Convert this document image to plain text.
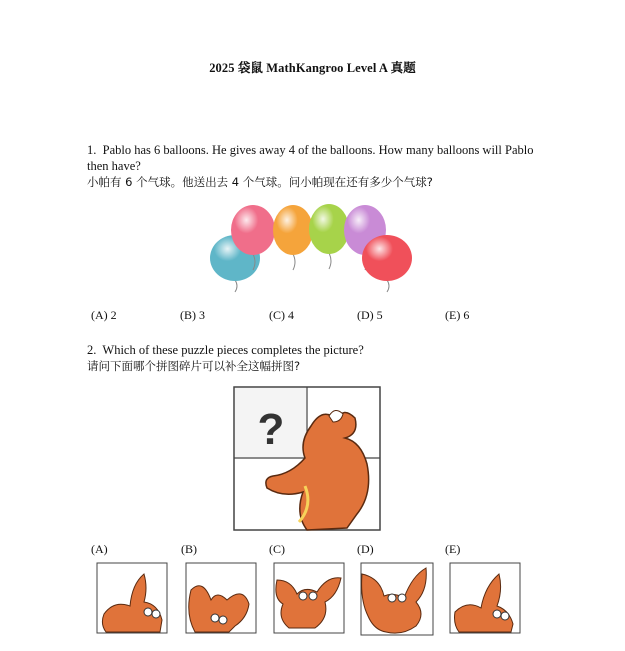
2025 袋鼠 MathKangroo Level A 真题
1. Pablo has 6 balloons. He gives away 4 of the balloons. How many balloons will Pablo then have?
小帕有 6 个气球。他送出去 4 个气球。问小帕现在还有多少个气球?
(A) 2	(B) 3	(C) 4	(D) 5	(E) 6
2. Which of these puzzle pieces completes the picture?
请问下面哪个拼图碎片可以补全这幅拼图?
?
(A)	(B)	(C)	(D)	(E)
